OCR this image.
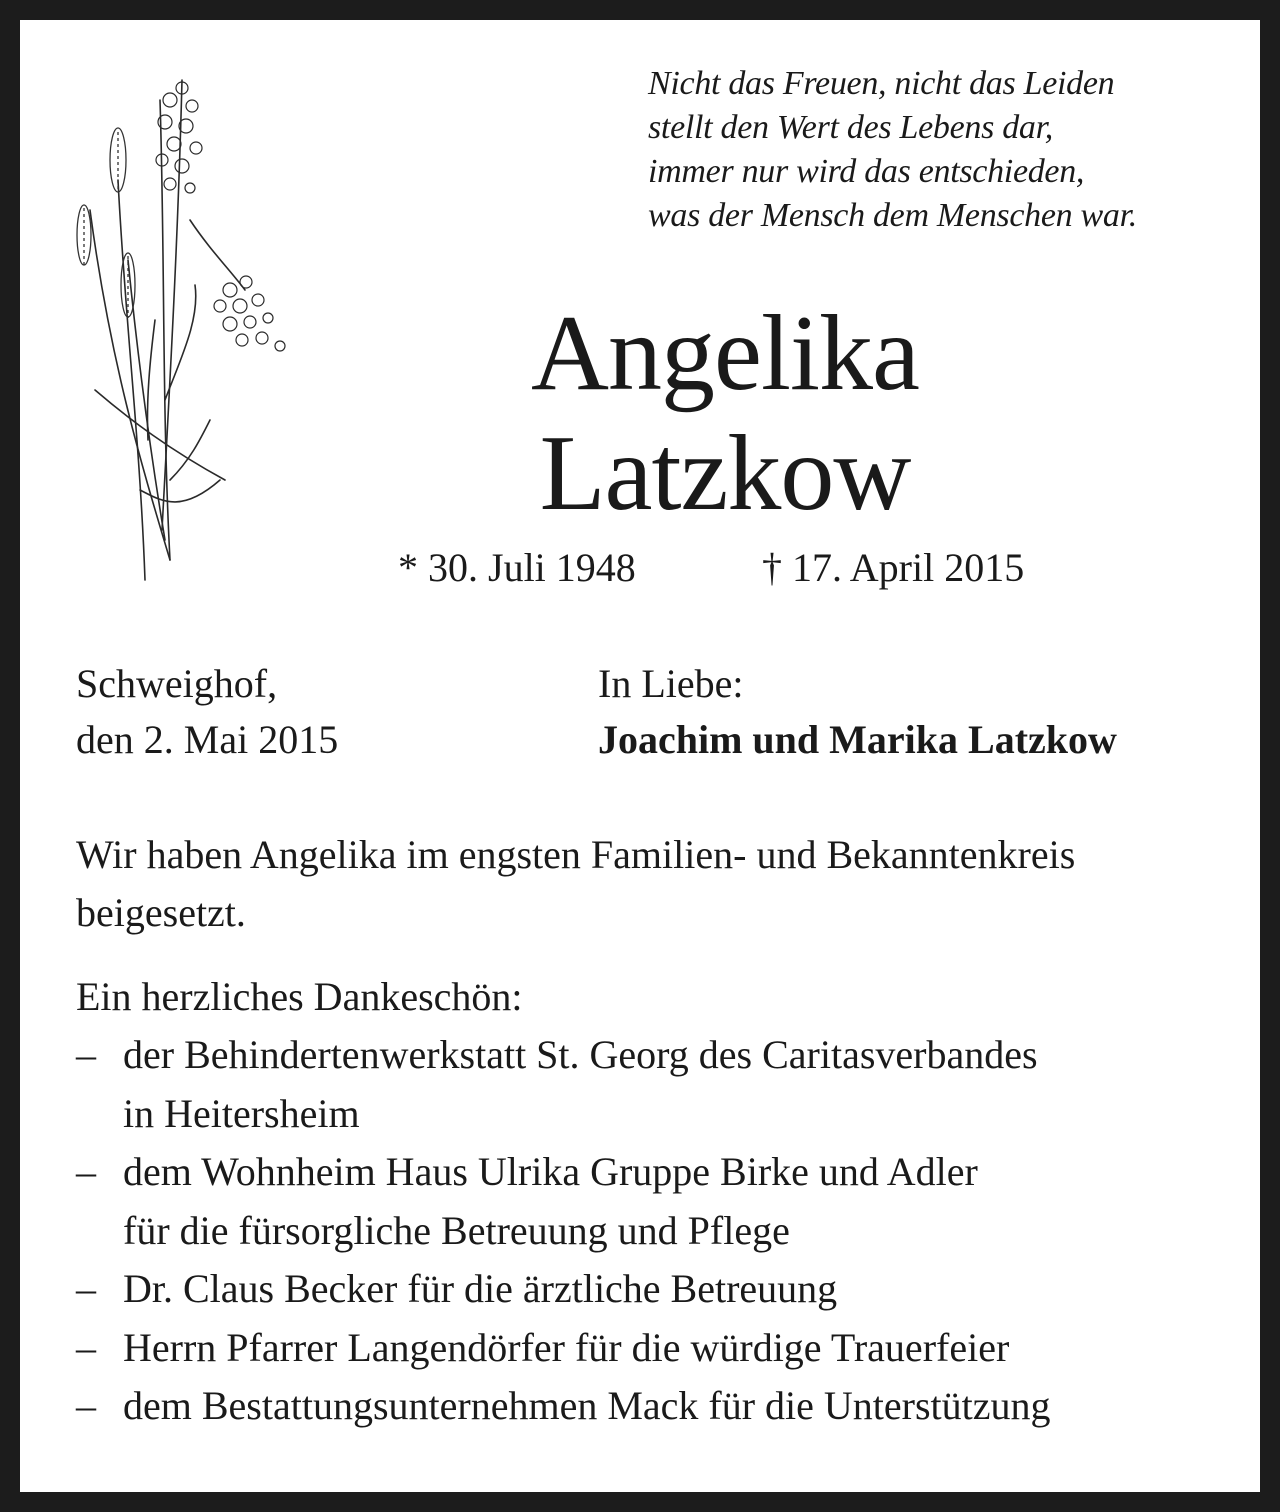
Nicht das Freuen, nicht das Leiden
stellt den Wert des Lebens dar,
immer nur wird das entschieden,
was der Mensch dem Menschen war.
Angelika
Latzkow
* 30. Juli 1948	† 17. April 2015
Schweighof,
den 2. Mai 2015
In Liebe:
Joachim und Marika Latzkow
Wir haben Angelika im engsten Familien- und Bekanntenkreis beigesetzt.
Ein herzliches Dankeschön:
– der Behindertenwerkstatt St. Georg des Caritasverbandes
in Heitersheim
– dem Wohnheim Haus Ulrika Gruppe Birke und Adler
für die fürsorgliche Betreuung und Pflege
– Dr. Claus Becker für die ärztliche Betreuung
– Herrn Pfarrer Langendörfer für die würdige Trauerfeier
– dem Bestattungsunternehmen Mack für die Unterstützung
